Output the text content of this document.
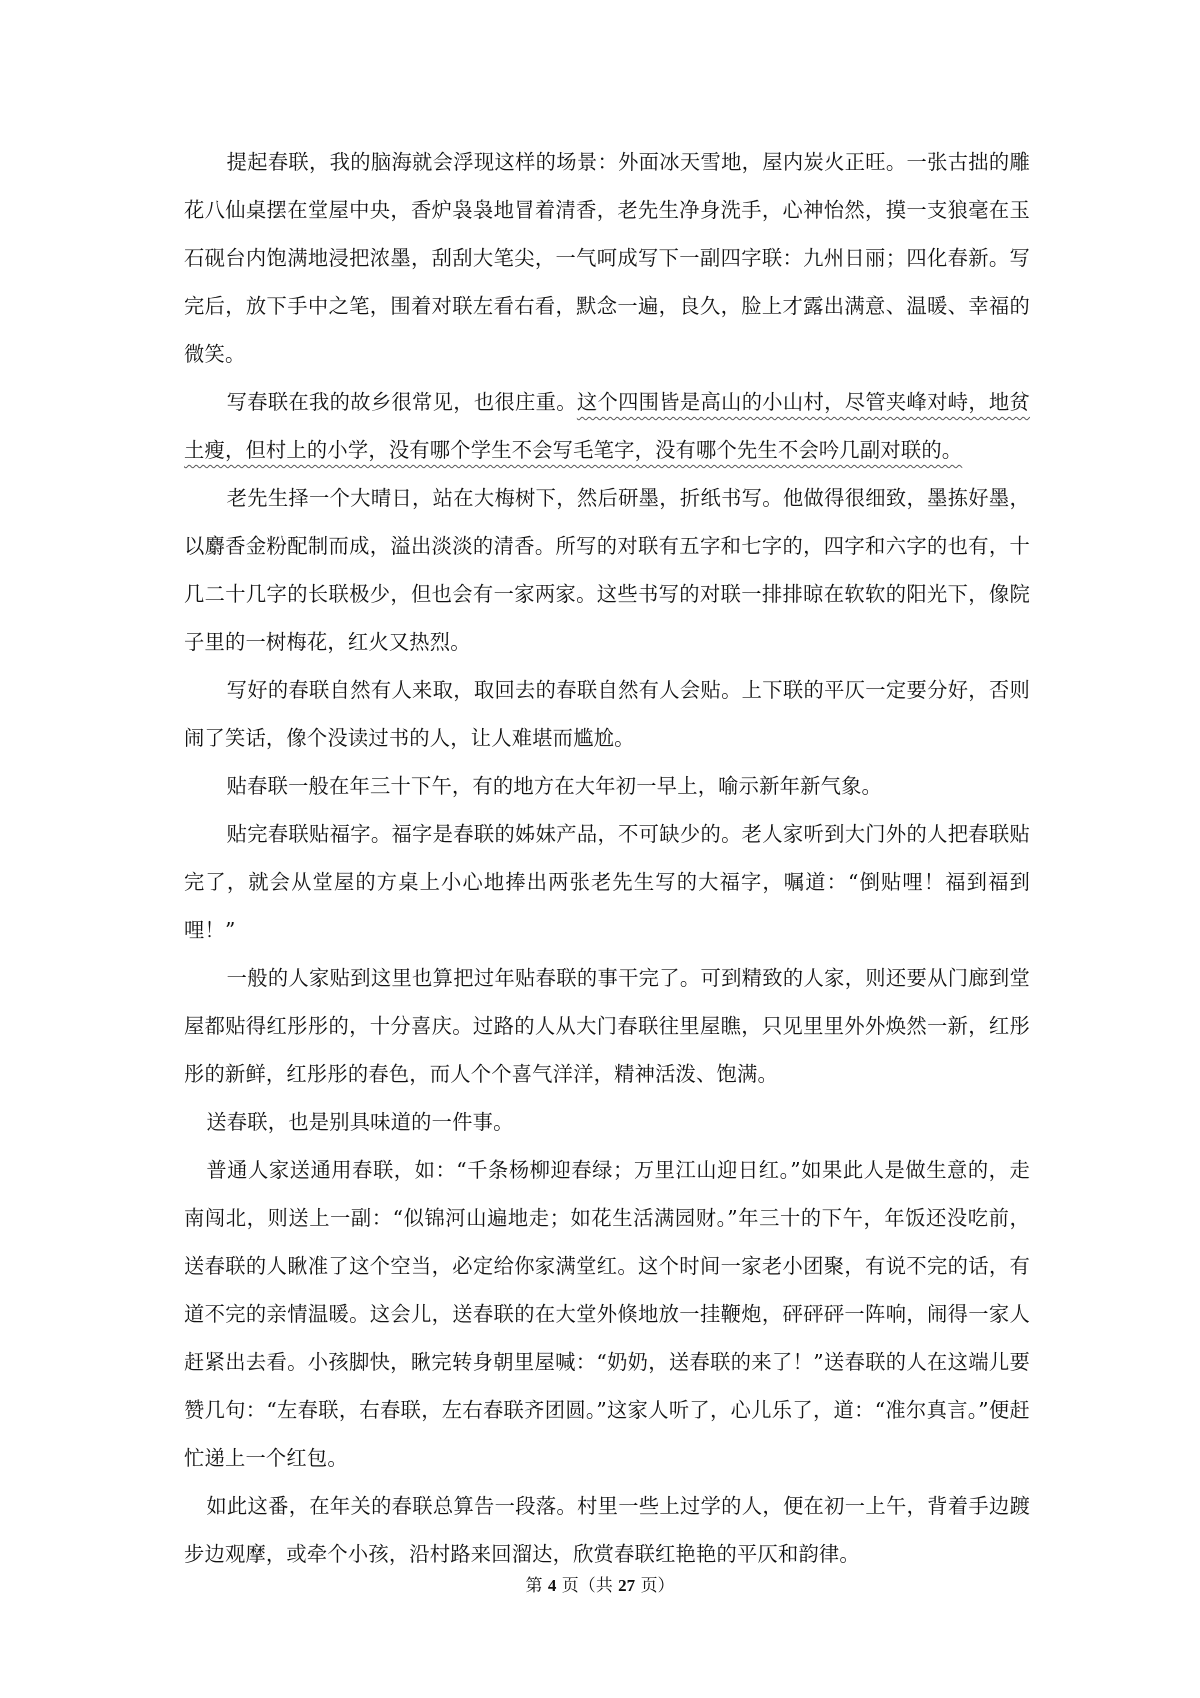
提起春联，我的脑海就会浮现这样的场景：外面冰天雪地，屋内炭火正旺。一张古拙的雕花八仙桌摆在堂屋中央，香炉袅袅地冒着清香，老先生净身洗手，心神怡然，摸一支狼毫在玉石砚台内饱满地浸把浓墨，刮刮大笔尖，一气呵成写下一副四字联：九州日丽；四化春新。写完后，放下手中之笔，围着对联左看右看，默念一遍，良久，脸上才露出满意、温暖、幸福的微笑。

写春联在我的故乡很常见，也很庄重。这个四围皆是高山的小山村，尽管夹峰对峙，地贫土瘦，但村上的小学，没有哪个学生不会写毛笔字，没有哪个先生不会吟几副对联的。

老先生择一个大晴日，站在大梅树下，然后研墨，折纸书写。他做得很细致，墨拣好墨，以麝香金粉配制而成，溢出淡淡的清香。所写的对联有五字和七字的，四字和六字的也有，十几二十几字的长联极少，但也会有一家两家。这些书写的对联一排排晾在软软的阳光下，像院子里的一树梅花，红火又热烈。

写好的春联自然有人来取，取回去的春联自然有人会贴。上下联的平仄一定要分好，否则闹了笑话，像个没读过书的人，让人难堪而尴尬。

贴春联一般在年三十下午，有的地方在大年初一早上，喻示新年新气象。

贴完春联贴福字。福字是春联的姊妹产品，不可缺少的。老人家听到大门外的人把春联贴完了，就会从堂屋的方桌上小心地捧出两张老先生写的大福字，嘱道：“倒贴哩！福到福到哩！”

一般的人家贴到这里也算把过年贴春联的事干完了。可到精致的人家，则还要从门廊到堂屋都贴得红彤彤的，十分喜庆。过路的人从大门春联往里屋瞧，只见里里外外焕然一新，红彤彤的新鲜，红彤彤的春色，而人个个喜气洋洋，精神活泼、饱满。

送春联，也是别具味道的一件事。

普通人家送通用春联，如：“千条杨柳迎春绿；万里江山迎日红。”如果此人是做生意的，走南闯北，则送上一副：“似锦河山遍地走；如花生活满园财。”年三十的下午，年饭还没吃前，送春联的人瞅准了这个空当，必定给你家满堂红。这个时间一家老小团聚，有说不完的话，有道不完的亲情温暖。这会儿，送春联的在大堂外倏地放一挂鞭炮，砰砰砰一阵响，闹得一家人赶紧出去看。小孩脚快，瞅完转身朝里屋喊：“奶奶，送春联的来了！”送春联的人在这端儿要赞几句：“左春联，右春联，左右春联齐团圆。”这家人听了，心儿乐了，道：“准尔真言。”便赶忙递上一个红包。

如此这番，在年关的春联总算告一段落。村里一些上过学的人，便在初一上午，背着手边踱步边观摩，或牵个小孩，沿村路来回溜达，欣赏春联红艳艳的平仄和韵律。

第 4 页（共 27 页）
